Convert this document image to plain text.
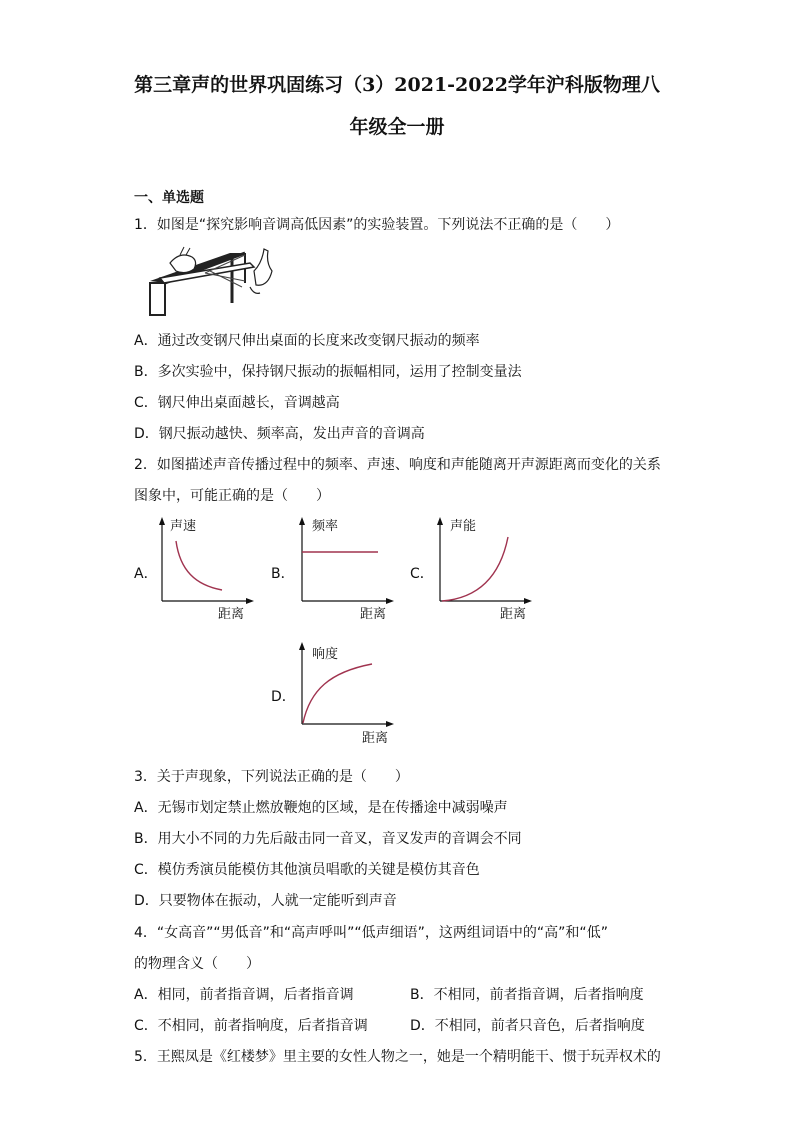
第三章声的世界巩固练习（3）2021-2022学年沪科版物理八
年级全一册
一、单选题
1．如图是“探究影响音调高低因素”的实验装置。下列说法不正确的是（　　）
A．通过改变钢尺伸出桌面的长度来改变钢尺振动的频率
B．多次实验中，保持钢尺振动的振幅相同，运用了控制变量法
C．钢尺伸出桌面越长，音调越高
D．钢尺振动越快、频率高，发出声音的音调高
2．如图描述声音传播过程中的频率、声速、响度和声能随离开声源距离而变化的关系
图象中，可能正确的是（　　）
A．
声速
距离
B．
频率
距离
C．
声能
距离
D．
响度
距离
3．关于声现象，下列说法正确的是（　　）
A．无锡市划定禁止燃放鞭炮的区域，是在传播途中减弱噪声
B．用大小不同的力先后敲击同一音叉，音叉发声的音调会不同
C．模仿秀演员能模仿其他演员唱歌的关键是模仿其音色
D．只要物体在振动，人就一定能听到声音
4．“女高音”“男低音”和“高声呼叫”“低声细语”，这两组词语中的“高”和“低”
的物理含义（　　）
A．相同，前者指音调，后者指音调	B．不相同，前者指音调，后者指响度
C．不相同，前者指响度，后者指音调	D．不相同，前者只音色，后者指响度
5．王熙凤是《红楼梦》里主要的女性人物之一，她是一个精明能干、惯于玩弄权术的
